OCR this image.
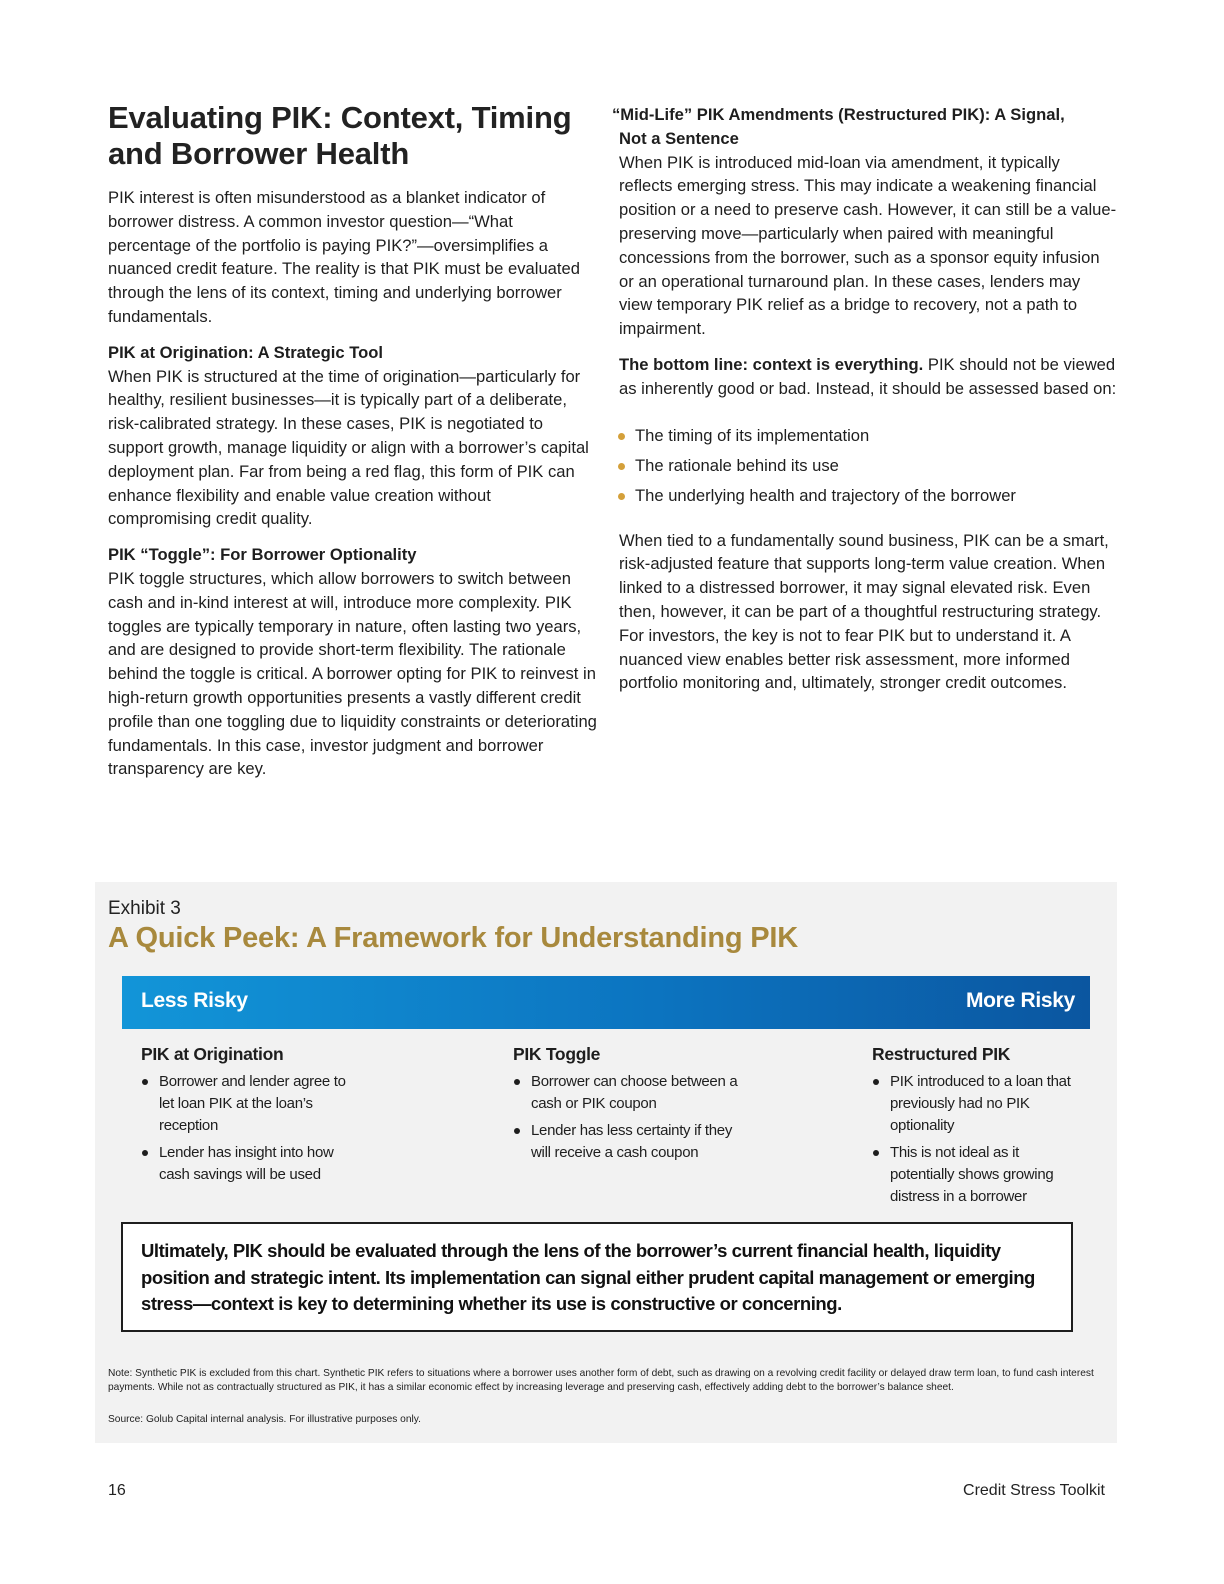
Evaluating PIK: Context, Timing and Borrower Health

PIK interest is often misunderstood as a blanket indicator of borrower distress. A common investor question—“What percentage of the portfolio is paying PIK?”—oversimplifies a nuanced credit feature. The reality is that PIK must be evaluated through the lens of its context, timing and underlying borrower fundamentals.

PIK at Origination: A Strategic Tool

When PIK is structured at the time of origination—particularly for healthy, resilient businesses—it is typically part of a deliberate, risk-calibrated strategy. In these cases, PIK is negotiated to support growth, manage liquidity or align with a borrower’s capital deployment plan. Far from being a red flag, this form of PIK can enhance flexibility and enable value creation without compromising credit quality.

PIK “Toggle”: For Borrower Optionality

PIK toggle structures, which allow borrowers to switch between cash and in-kind interest at will, introduce more complexity. PIK toggles are typically temporary in nature, often lasting two years, and are designed to provide short-term flexibility. The rationale behind the toggle is critical. A borrower opting for PIK to reinvest in high-return growth opportunities presents a vastly different credit profile than one toggling due to liquidity constraints or deteriorating fundamentals. In this case, investor judgment and borrower transparency are key.

“Mid-Life” PIK Amendments (Restructured PIK): A Signal,
Not a Sentence

When PIK is introduced mid-loan via amendment, it typically reflects emerging stress. This may indicate a weakening financial position or a need to preserve cash. However, it can still be a value-preserving move—particularly when paired with meaningful concessions from the borrower, such as a sponsor equity infusion or an operational turnaround plan. In these cases, lenders may view temporary PIK relief as a bridge to recovery, not a path to impairment.

The bottom line: context is everything. PIK should not be viewed as inherently good or bad. Instead, it should be assessed based on:

The timing of its implementation
The rationale behind its use
The underlying health and trajectory of the borrower

When tied to a fundamentally sound business, PIK can be a smart, risk-adjusted feature that supports long-term value creation. When linked to a distressed borrower, it may signal elevated risk. Even then, however, it can be part of a thoughtful restructuring strategy. For investors, the key is not to fear PIK but to understand it. A nuanced view enables better risk assessment, more informed portfolio monitoring and, ultimately, stronger credit outcomes.

Exhibit 3
A Quick Peek: A Framework for Understanding PIK
Less Risky	More Risky
PIK at Origination
Borrower and lender agree to let loan PIK at the loan’s reception
Lender has insight into how cash savings will be used
PIK Toggle
Borrower can choose between a cash or PIK coupon
Lender has less certainty if they will receive a cash coupon
Restructured PIK
PIK introduced to a loan that previously had no PIK optionality
This is not ideal as it potentially shows growing distress in a borrower
Ultimately, PIK should be evaluated through the lens of the borrower’s current financial health, liquidity position and strategic intent. Its implementation can signal either prudent capital management or emerging stress—context is key to determining whether its use is constructive or concerning.
Note: Synthetic PIK is excluded from this chart. Synthetic PIK refers to situations where a borrower uses another form of debt, such as drawing on a revolving credit facility or delayed draw term loan, to fund cash interest payments. While not as contractually structured as PIK, it has a similar economic effect by increasing leverage and preserving cash, effectively adding debt to the borrower’s balance sheet.
Source: Golub Capital internal analysis. For illustrative purposes only.
16	Credit Stress Toolkit
